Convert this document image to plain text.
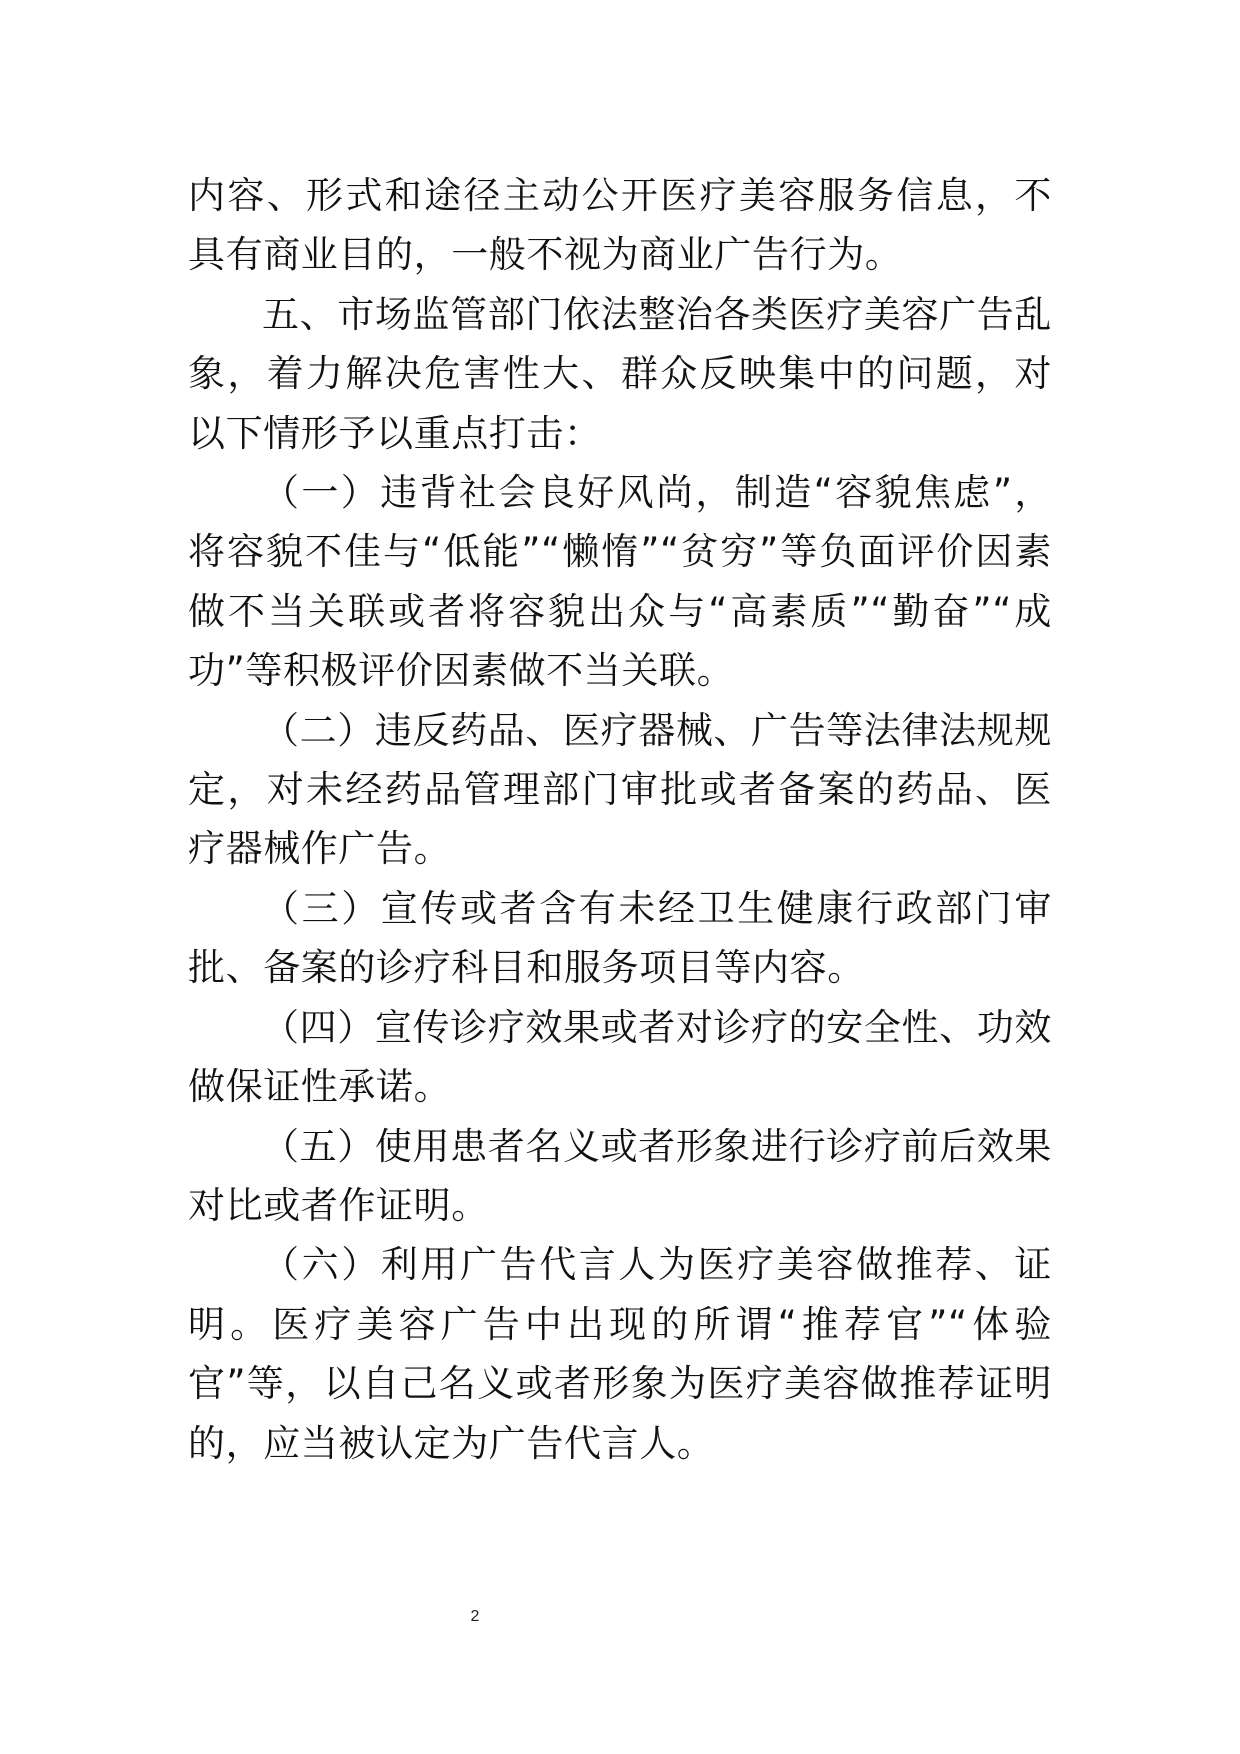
内容、形式和途径主动公开医疗美容服务信息，不具有商业目的，一般不视为商业广告行为。

五、市场监管部门依法整治各类医疗美容广告乱象，着力解决危害性大、群众反映集中的问题，对以下情形予以重点打击：

（一）违背社会良好风尚，制造“容貌焦虑”，将容貌不佳与“低能”“懒惰”“贫穷”等负面评价因素做不当关联或者将容貌出众与“高素质”“勤奋”“成功”等积极评价因素做不当关联。

（二）违反药品、医疗器械、广告等法律法规规定，对未经药品管理部门审批或者备案的药品、医疗器械作广告。

（三）宣传或者含有未经卫生健康行政部门审批、备案的诊疗科目和服务项目等内容。

（四）宣传诊疗效果或者对诊疗的安全性、功效做保证性承诺。

（五）使用患者名义或者形象进行诊疗前后效果对比或者作证明。

（六）利用广告代言人为医疗美容做推荐、证明。医疗美容广告中出现的所谓“推荐官”“体验官”等，以自己名义或者形象为医疗美容做推荐证明的，应当被认定为广告代言人。

2
